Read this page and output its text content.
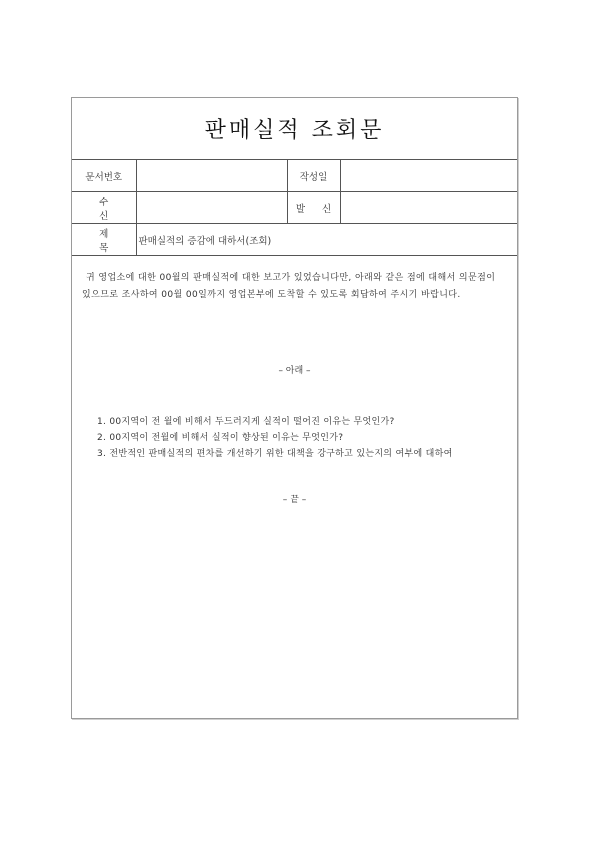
판매실적 조회문
문서번호		작성일	
수 신		발 신	
제 목	판매실적의 증감에 대하서(조회)		

귀 영업소에 대한 00월의 판매실적에 대한 보고가 있었습니다만, 아래와 같은 점에 대해서 의문점이 있으므로 조사하여 00월 00일까지 영업본부에 도착할 수 있도록 회답하여 주시기 바랍니다.

– 아래 –
1. 00지역이 전 월에 비해서 두드러지게 실적이 떨어진 이유는 무엇인가?
2. 00지역이 전월에 비해서 실적이 향상된 이유는 무엇인가?
3. 전반적인 판매실적의 편차를 개선하기 위한 대책을 강구하고 있는지의 여부에 대하여
– 끝 –
